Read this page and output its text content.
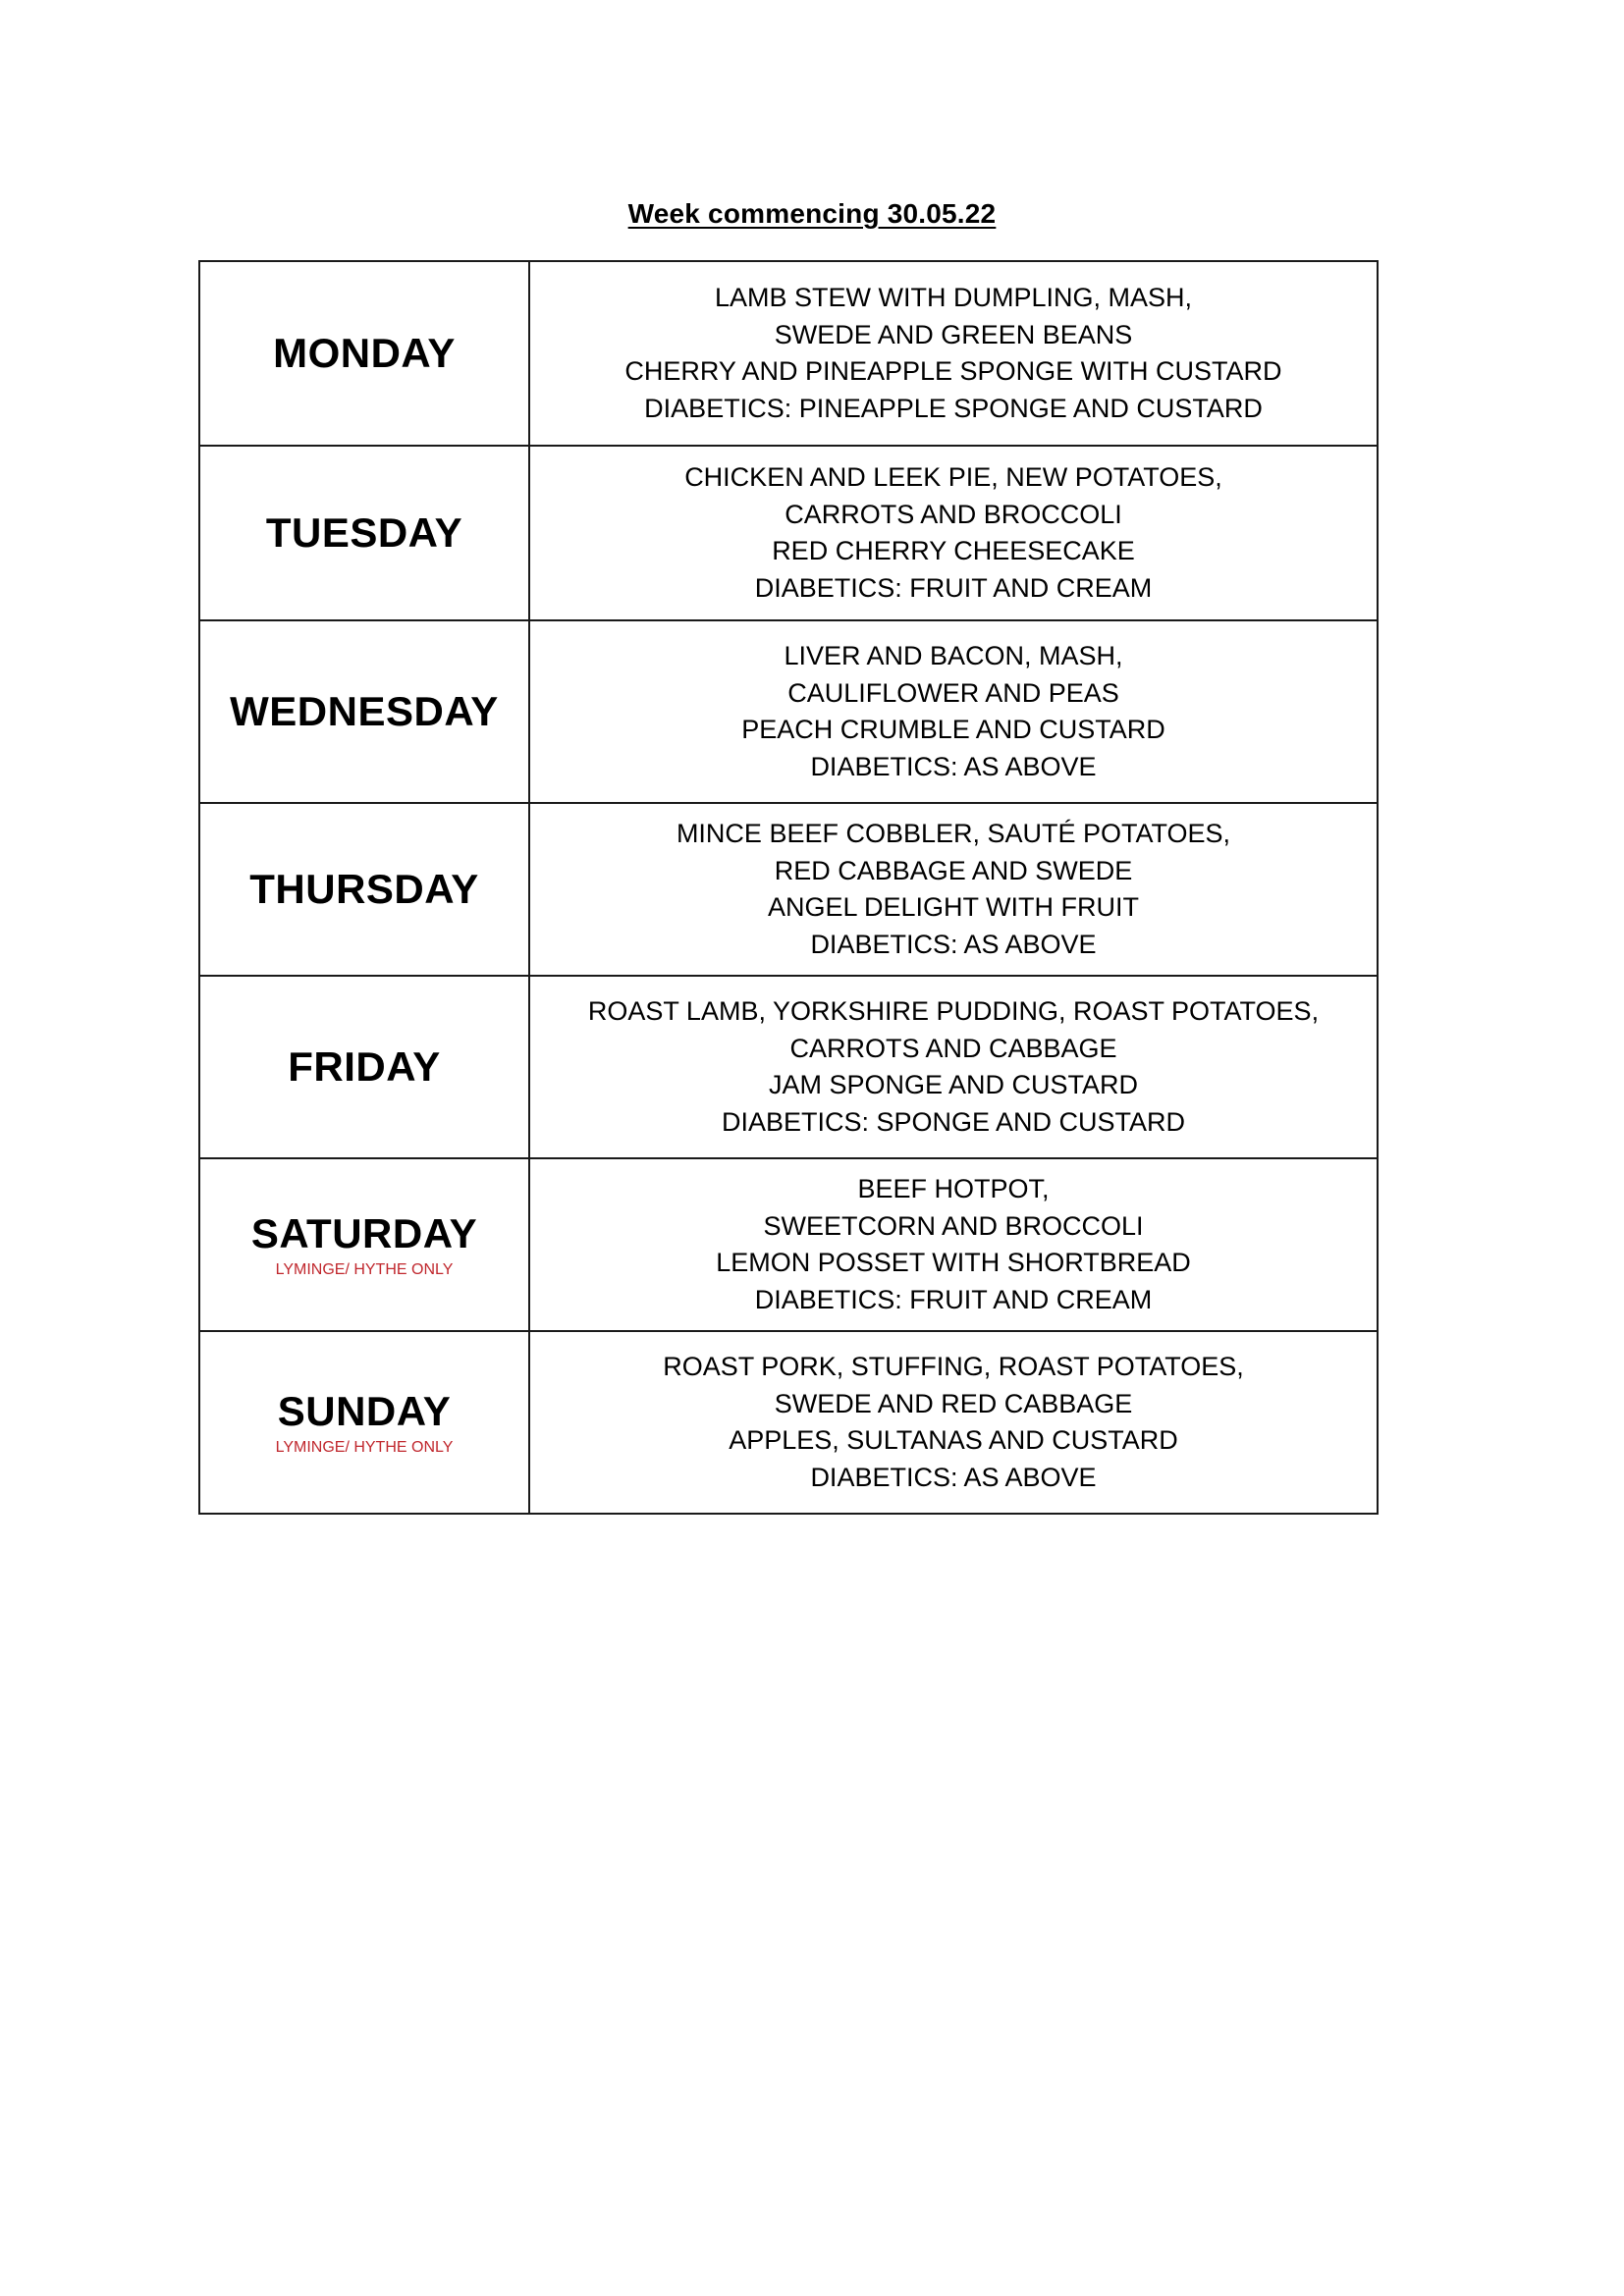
Week commencing 30.05.22
MONDAY	LAMB STEW WITH DUMPLING, MASH,
SWEDE AND GREEN BEANS
CHERRY AND PINEAPPLE SPONGE WITH CUSTARD
DIABETICS: PINEAPPLE SPONGE AND CUSTARD

TUESDAY	CHICKEN AND LEEK PIE, NEW POTATOES,
CARROTS AND BROCCOLI
RED CHERRY CHEESECAKE
DIABETICS: FRUIT AND CREAM

WEDNESDAY	LIVER AND BACON, MASH,
CAULIFLOWER AND PEAS
PEACH CRUMBLE AND CUSTARD
DIABETICS: AS ABOVE

THURSDAY	MINCE BEEF COBBLER, SAUTÉ POTATOES,
RED CABBAGE AND SWEDE
ANGEL DELIGHT WITH FRUIT
DIABETICS: AS ABOVE

FRIDAY	ROAST LAMB, YORKSHIRE PUDDING, ROAST POTATOES,
CARROTS AND CABBAGE
JAM SPONGE AND CUSTARD
DIABETICS: SPONGE AND CUSTARD

SATURDAY
LYMINGE/ HYTHE ONLY	BEEF HOTPOT,
SWEETCORN AND BROCCOLI
LEMON POSSET WITH SHORTBREAD
DIABETICS: FRUIT AND CREAM

SUNDAY
LYMINGE/ HYTHE ONLY	ROAST PORK, STUFFING, ROAST POTATOES,
SWEDE AND RED CABBAGE
APPLES, SULTANAS AND CUSTARD
DIABETICS: AS ABOVE
